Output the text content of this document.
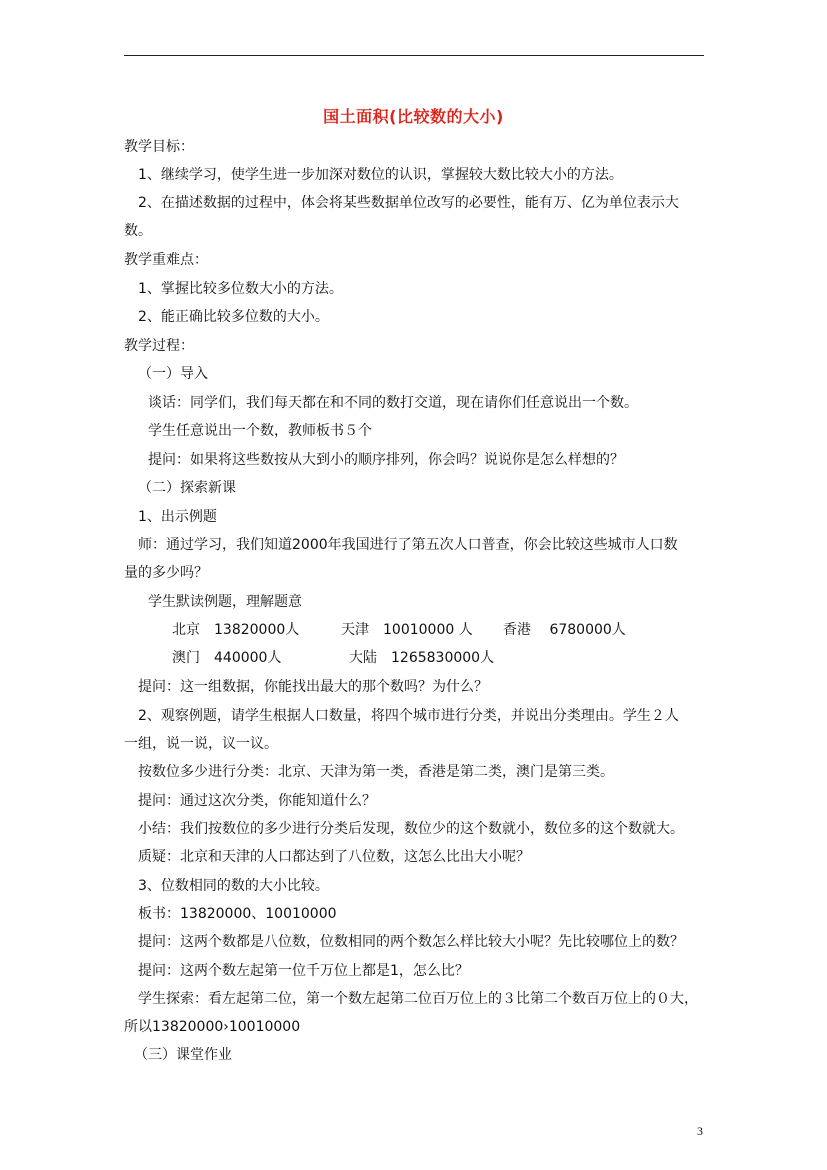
国土面积(比较数的大小)
教学目标：
1、继续学习，使学生进一步加深对数位的认识，掌握较大数比较大小的方法。
2、在描述数据的过程中，体会将某些数据单位改写的必要性，能有万、亿为单位表示大
数。
教学重难点：
1、掌握比较多位数大小的方法。
2、能正确比较多位数的大小。
教学过程：
（一）导入
谈话：同学们，我们每天都在和不同的数打交道，现在请你们任意说出一个数。
学生任意说出一个数，教师板书５个
提问：如果将这些数按从大到小的顺序排列，你会吗？说说你是怎么样想的？
（二）探索新课
1、出示例题
师：通过学习，我们知道2000年我国进行了第五次人口普查，你会比较这些城市人口数
量的多少吗？
学生默读例题，理解题意
北京　13820000人	天津　10010000 人 香港　 6780000人
澳门　440000人	大陆　1265830000人
提问：这一组数据，你能找出最大的那个数吗？为什么？
2、观察例题，请学生根据人口数量，将四个城市进行分类，并说出分类理由。学生２人
一组，说一说，议一议。
按数位多少进行分类：北京、天津为第一类，香港是第二类，澳门是第三类。
提问：通过这次分类，你能知道什么？
小结：我们按数位的多少进行分类后发现，数位少的这个数就小，数位多的这个数就大。
质疑：北京和天津的人口都达到了八位数，这怎么比出大小呢？
3、位数相同的数的大小比较。
板书：13820000、10010000
提问：这两个数都是八位数，位数相同的两个数怎么样比较大小呢？先比较哪位上的数？
提问：这两个数左起第一位千万位上都是1，怎么比？
学生探索：看左起第二位，第一个数左起第二位百万位上的３比第二个数百万位上的０大，
所以13820000›10010000
（三）课堂作业
3
